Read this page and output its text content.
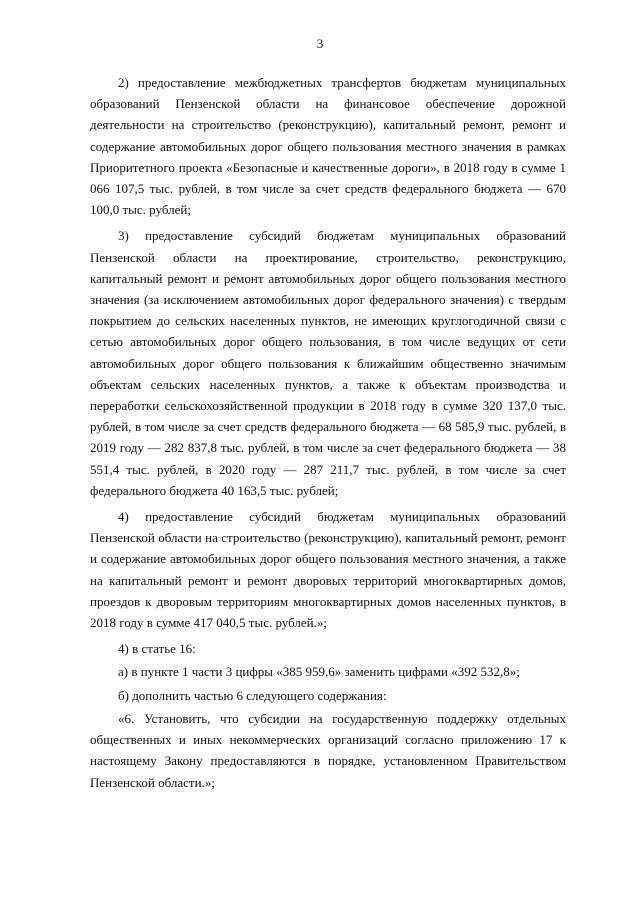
3

2) предоставление межбюджетных трансфертов бюджетам муниципальных образований Пензенской области на финансовое обеспечение дорожной деятельности на строительство (реконструкцию), капитальный ремонт, ремонт и содержание автомобильных дорог общего пользования местного значения в рамках Приоритетного проекта «Безопасные и качественные дороги», в 2018 году в сумме 1 066 107,5 тыс. рублей, в том числе за счет средств федерального бюджета — 670 100,0 тыс. рублей;

3) предоставление субсидий бюджетам муниципальных образований Пензенской области на проектирование, строительство, реконструкцию, капитальный ремонт и ремонт автомобильных дорог общего пользования местного значения (за исключением автомобильных дорог федерального значения) с твердым покрытием до сельских населенных пунктов, не имеющих круглогодичной связи с сетью автомобильных дорог общего пользования, в том числе ведущих от сети автомобильных дорог общего пользования к ближайшим общественно значимым объектам сельских населенных пунктов, а также к объектам производства и переработки сельскохозяйственной продукции в 2018 году в сумме 320 137,0 тыс. рублей, в том числе за счет средств федерального бюджета — 68 585,9 тыс. рублей, в 2019 году — 282 837,8 тыс. рублей, в том числе за счет федерального бюджета — 38 551,4 тыс. рублей, в 2020 году — 287 211,7 тыс. рублей, в том числе за счет федерального бюджета 40 163,5 тыс. рублей;

4) предоставление субсидий бюджетам муниципальных образований Пензенской области на строительство (реконструкцию), капитальный ремонт, ремонт и содержание автомобильных дорог общего пользования местного значения, а также на капитальный ремонт и ремонт дворовых территорий многоквартирных домов, проездов к дворовым территориям многоквартирных домов населенных пунктов, в 2018 году в сумме 417 040,5 тыс. рублей.»;

4) в статье 16:

а) в пункте 1 части 3 цифры «385 959,6» заменить цифрами «392 532,8»;

б) дополнить частью 6 следующего содержания:

«6. Установить, что субсидии на государственную поддержку отдельных общественных и иных некоммерческих организаций согласно приложению 17 к настоящему Закону предоставляются в порядке, установленном Правительством Пензенской области.»;
